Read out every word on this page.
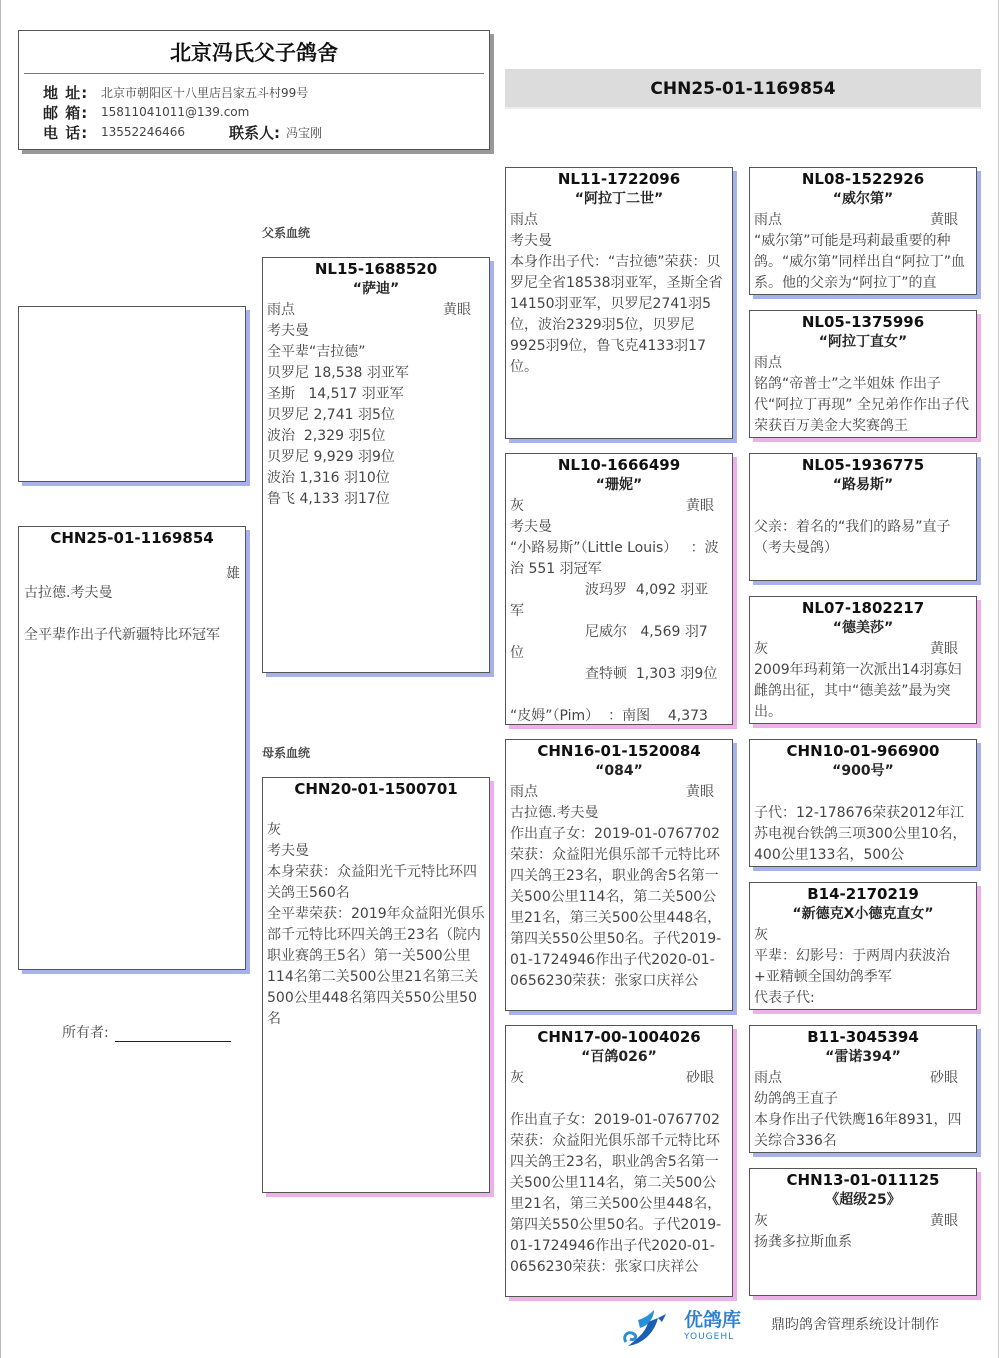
北京冯氏父子鸽舍
地 址:	北京市朝阳区十八里店吕家五斗村99号
邮 箱:	15811041011@139.com
电 话:	13552246466	联系人: 冯宝刚
CHN25-01-1169854
CHN25-01-1169854
雄
古拉德.考夫曼
全平辈作出子代新疆特比环冠军
所有者:
父系血统
母系血统
NL15-1688520
“萨迪”
雨点	黄眼
考夫曼
全平辈“吉拉德”
贝罗尼 18,538 羽亚军
圣斯   14,517 羽亚军
贝罗尼 2,741 羽5位
波治  2,329 羽5位
贝罗尼 9,929 羽9位
波治 1,316 羽10位
鲁飞 4,133 羽17位
CHN20-01-1500701
灰
考夫曼
本身荣获：众益阳光千元特比环四关鸽王560名
全平辈荣获：2019年众益阳光俱乐部千元特比环四关鸽王23名（院内职业赛鸽王5名）第一关500公里114名第二关500公里21名第三关500公里448名第四关550公里50名
NL11-1722096
“阿拉丁二世”
雨点
考夫曼
本身作出子代：“吉拉德”荣获：贝罗尼全省18538羽亚军，圣斯全省14150羽亚军，贝罗尼2741羽5位，波治2329羽5位，贝罗尼9925羽9位，鲁飞克4133羽17位。
NL10-1666499
“珊妮”
灰	黄眼
考夫曼
“小路易斯”（Little Louis）   ：波治 551 羽冠军
波玛罗  4,092 羽亚
军
尼威尔   4,569 羽7
位
查特顿  1,303 羽9位
“皮姆”（Pim）  ：南图    4,373
CHN16-01-1520084
“084”
雨点	黄眼
古拉德.考夫曼
作出直子女：2019-01-0767702荣获：众益阳光俱乐部千元特比环四关鸽王23名，职业鸽舍5名第一关500公里114名，第二关500公里21名，第三关500公里448名，第四关550公里50名。子代2019-01-1724946作出子代2020-01-0656230荣获：张家口庆祥公
CHN17-00-1004026
“百鸽026”
灰	砂眼
作出直子女：2019-01-0767702荣获：众益阳光俱乐部千元特比环四关鸽王23名，职业鸽舍5名第一关500公里114名，第二关500公里21名，第三关500公里448名，第四关550公里50名。子代2019-01-1724946作出子代2020-01-0656230荣获：张家口庆祥公
NL08-1522926
“威尔第”
雨点	黄眼
“威尔第”可能是玛莉最重要的种鸽。“威尔第”同样出自“阿拉丁”血系。他的父亲为“阿拉丁”的直
NL05-1375996
“阿拉丁直女”
雨点
铭鸽“帝普士”之半姐妹 作出子代“阿拉丁再现” 全兄弟作作出子代荣获百万美金大奖赛鸽王
NL05-1936775
“路易斯”
父亲：着名的“我们的路易”直子（考夫曼鸽）
NL07-1802217
“德美莎”
灰	黄眼
2009年玛莉第一次派出14羽寡妇雌鸽出征，其中“德美兹”最为突出。
CHN10-01-966900
“900号”
子代：12-178676荣获2012年江苏电视台铁鸽三项300公里10名，400公里133名，500公
B14-2170219
“新德克X小德克直女”
灰
平辈：幻影号：于两周内获波治+亚精顿全国幼鸽季军
代表子代:
B11-3045394
“雷诺394”
雨点	砂眼
幼鸽鸽王直子
本身作出子代铁鹰16年8931，四关综合336名
CHN13-01-011125
《超级25》
灰	黄眼
扬龚多拉斯血系
优鸽库
YOUGEHL
鼎昀鸽舍管理系统设计制作
